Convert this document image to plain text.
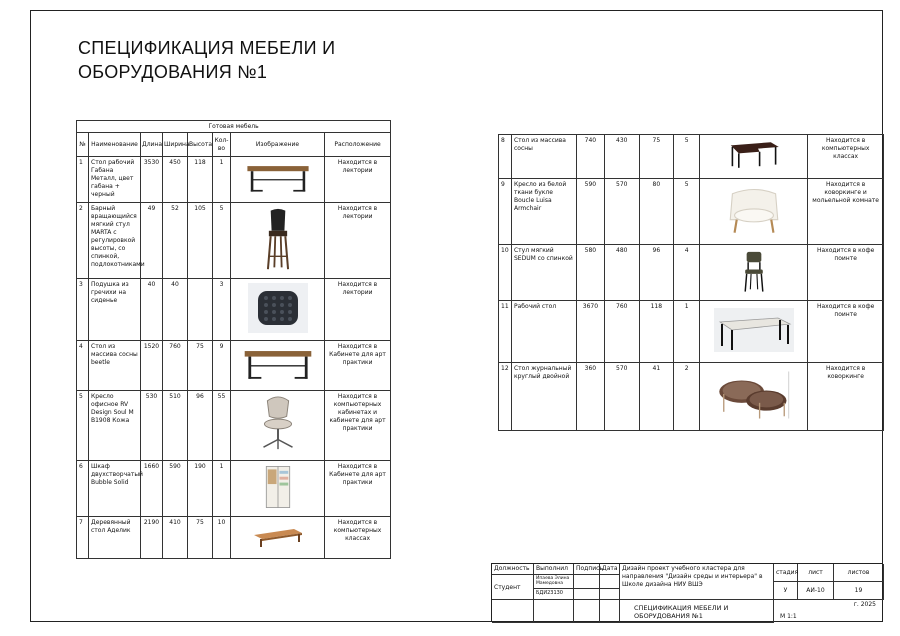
СПЕЦИФИКАЦИЯ МЕБЕЛИ И
ОБОРУДОВАНИЯ №1
Готовая мебель							
№	Наименование	Длина	Ширина	Высота	Кол-во	Изображение	Расположение
1	Стол рабочий Габана Металл, цвет габана + черный	3530	450	118	1		Находится в лектории
2	Барный вращающийся мягкий стул MARTA с регулировкой высоты, со спинкой, подлокотниками	49	52	105	5		Находится в лектории
3	Подушка из гречихи на сиденье	40	40		3		Находится в лектории
4	Стол из массива сосны beetle	1520	760	75	9		Находится в Кабинете для арт практики
5	Кресло офисное RV Design Soul M B1908 Кожа	530	510	96	55		Находится в компьютерных кабинетах и кабинете для арт практики
6	Шкаф двухстворчатый Bubble Solid	1660	590	190	1		Находится в Кабинете для арт практики
7	Деревянный стол Аделик	2190	410	75	10		Находится в компьютерных классах
8	Стол из массива сосны	740	430	75	5		Находится в компьютерных классах
9	Кресло из белой ткани букле Boucle Luisa Armchair	590	570	80	5		Находится в коворкинге и мольельной комнате
10	Стул мягкий SEDUM со спинкой	580	480	96	4		Находится в кофе поинте
11	Рабочий стол	3670	760	118	1		Находится в кофе поинте
12	Стол журнальный круглый двойной	360	570	41	2		Находится в коворкинге
Должность	Выполнил	Подпись Дата
Студент
Ипаева Элина Мамедовна
БДИ23130
Дизайн проект учебного кластера для направления "Дизайн среды и интерьера" в Школе дизайна НИУ ВШЭ
СПЕЦИФИКАЦИЯ МЕБЕЛИ И ОБОРУДОВАНИЯ №1
стадия	лист	листов
У	АИ-10	19
г. 2025
М 1:1
